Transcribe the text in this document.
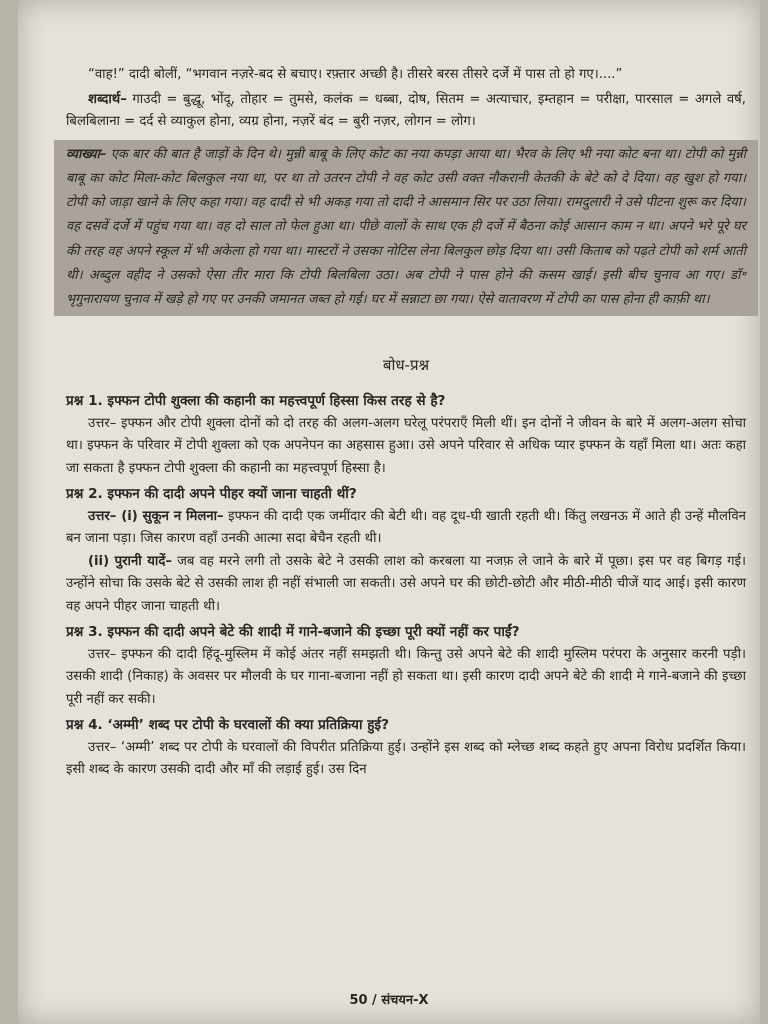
“वाह!” दादी बोलीं, “भगवान नज़रे-बद से बचाए। रफ़्तार अच्छी है। तीसरे बरस तीसरे दर्जे में पास तो हो गए।....”

शब्दार्थ– गाउदी = बुद्धू, भोंदू, तोहार = तुमसे, कलंक = धब्बा, दोष, सितम = अत्याचार, इम्तहान = परीक्षा, पारसाल = अगले वर्ष, बिलबिलाना = दर्द से व्याकुल होना, व्यग्र होना, नज़रें बंद = बुरी नज़र, लोगन = लोग।

व्याख्या– एक बार की बात है जाड़ों के दिन थे। मुन्नी बाबू के लिए कोट का नया कपड़ा आया था। भैरव के लिए भी नया कोट बना था। टोपी को मुन्नी बाबू का कोट मिला-कोट बिलकुल नया था, पर था तो उतरन टोपी ने वह कोट उसी वक्त नौकरानी केतकी के बेटे को दे दिया। वह खुश हो गया। टोपी को जाड़ा खाने के लिए कहा गया। वह दादी से भी अकड़ गया तो दादी ने आसमान सिर पर उठा लिया। रामदुलारी ने उसे पीटना शुरू कर दिया। वह दसवें दर्जे में पहुंच गया था। वह दो साल तो फेल हुआ था। पीछे वालों के साथ एक ही दर्जे में बैठना कोई आसान काम न था। अपने भरे पूरे घर की तरह वह अपने स्कूल में भी अकेला हो गया था। मास्टरों ने उसका नोटिस लेना बिलकुल छोड़ दिया था। उसी किताब को पढ़ते टोपी को शर्म आती थी। अब्दुल वहीद ने उसको ऐसा तीर मारा कि टोपी बिलबिला उठा। अब टोपी ने पास होने की कसम खाई। इसी बीच चुनाव आ गए। डॉ॰ भृगुनारायण चुनाव में खड़े हो गए पर उनकी जमानत जब्त हो गई। घर में सन्नाटा छा गया। ऐसे वातावरण में टोपी का पास होना ही काफ़ी था।

बोध-प्रश्न

प्रश्न 1. इफ्फन टोपी शुक्ला की कहानी का महत्त्वपूर्ण हिस्सा किस तरह से है?

उत्तर– इफ्फन और टोपी शुक्ला दोनों को दो तरह की अलग-अलग घरेलू परंपराएँ मिली थीं। इन दोनों ने जीवन के बारे में अलग-अलग सोचा था। इफ्फन के परिवार में टोपी शुक्ला को एक अपनेपन का अहसास हुआ। उसे अपने परिवार से अधिक प्यार इफ्फन के यहाँ मिला था। अतः कहा जा सकता है इफ्फन टोपी शुक्ला की कहानी का महत्त्वपूर्ण हिस्सा है।

प्रश्न 2. इफ्फन की दादी अपने पीहर क्यों जाना चाहती थीं?

उत्तर– (i) सुकून न मिलना– इफ्फन की दादी एक जमींदार की बेटी थी। वह दूध-घी खाती रहती थी। किंतु लखनऊ में आते ही उन्हें मौलविन बन जाना पड़ा। जिस कारण वहाँ उनकी आत्मा सदा बेचैन रहती थी।

(ii) पुरानी यादें– जब वह मरने लगी तो उसके बेटे ने उसकी लाश को करबला या नजफ़ ले जाने के बारे में पूछा। इस पर वह बिगड़ गई। उन्होंने सोचा कि उसके बेटे से उसकी लाश ही नहीं संभाली जा सकती। उसे अपने घर की छोटी-छोटी और मीठी-मीठी चीजें याद आई। इसी कारण वह अपने पीहर जाना चाहती थी।

प्रश्न 3. इफ्फन की दादी अपने बेटे की शादी में गाने-बजाने की इच्छा पूरी क्यों नहीं कर पाईं?

उत्तर– इफ्फन की दादी हिंदू-मुस्लिम में कोई अंतर नहीं समझती थी। किन्तु उसे अपने बेटे की शादी मुस्लिम परंपरा के अनुसार करनी पड़ी। उसकी शादी (निकाह) के अवसर पर मौलवी के घर गाना-बजाना नहीं हो सकता था। इसी कारण दादी अपने बेटे की शादी मे गाने-बजाने की इच्छा पूरी नहीं कर सकी।

प्रश्न 4. ‘अम्मी’ शब्द पर टोपी के घरवालों की क्या प्रतिक्रिया हुई?

उत्तर– ‘अम्मी’ शब्द पर टोपी के घरवालों की विपरीत प्रतिक्रिया हुई। उन्होंने इस शब्द को म्लेच्छ शब्द कहते हुए अपना विरोध प्रदर्शित किया। इसी शब्द के कारण उसकी दादी और माँ की लड़ाई हुई। उस दिन

50 / संचयन-X
